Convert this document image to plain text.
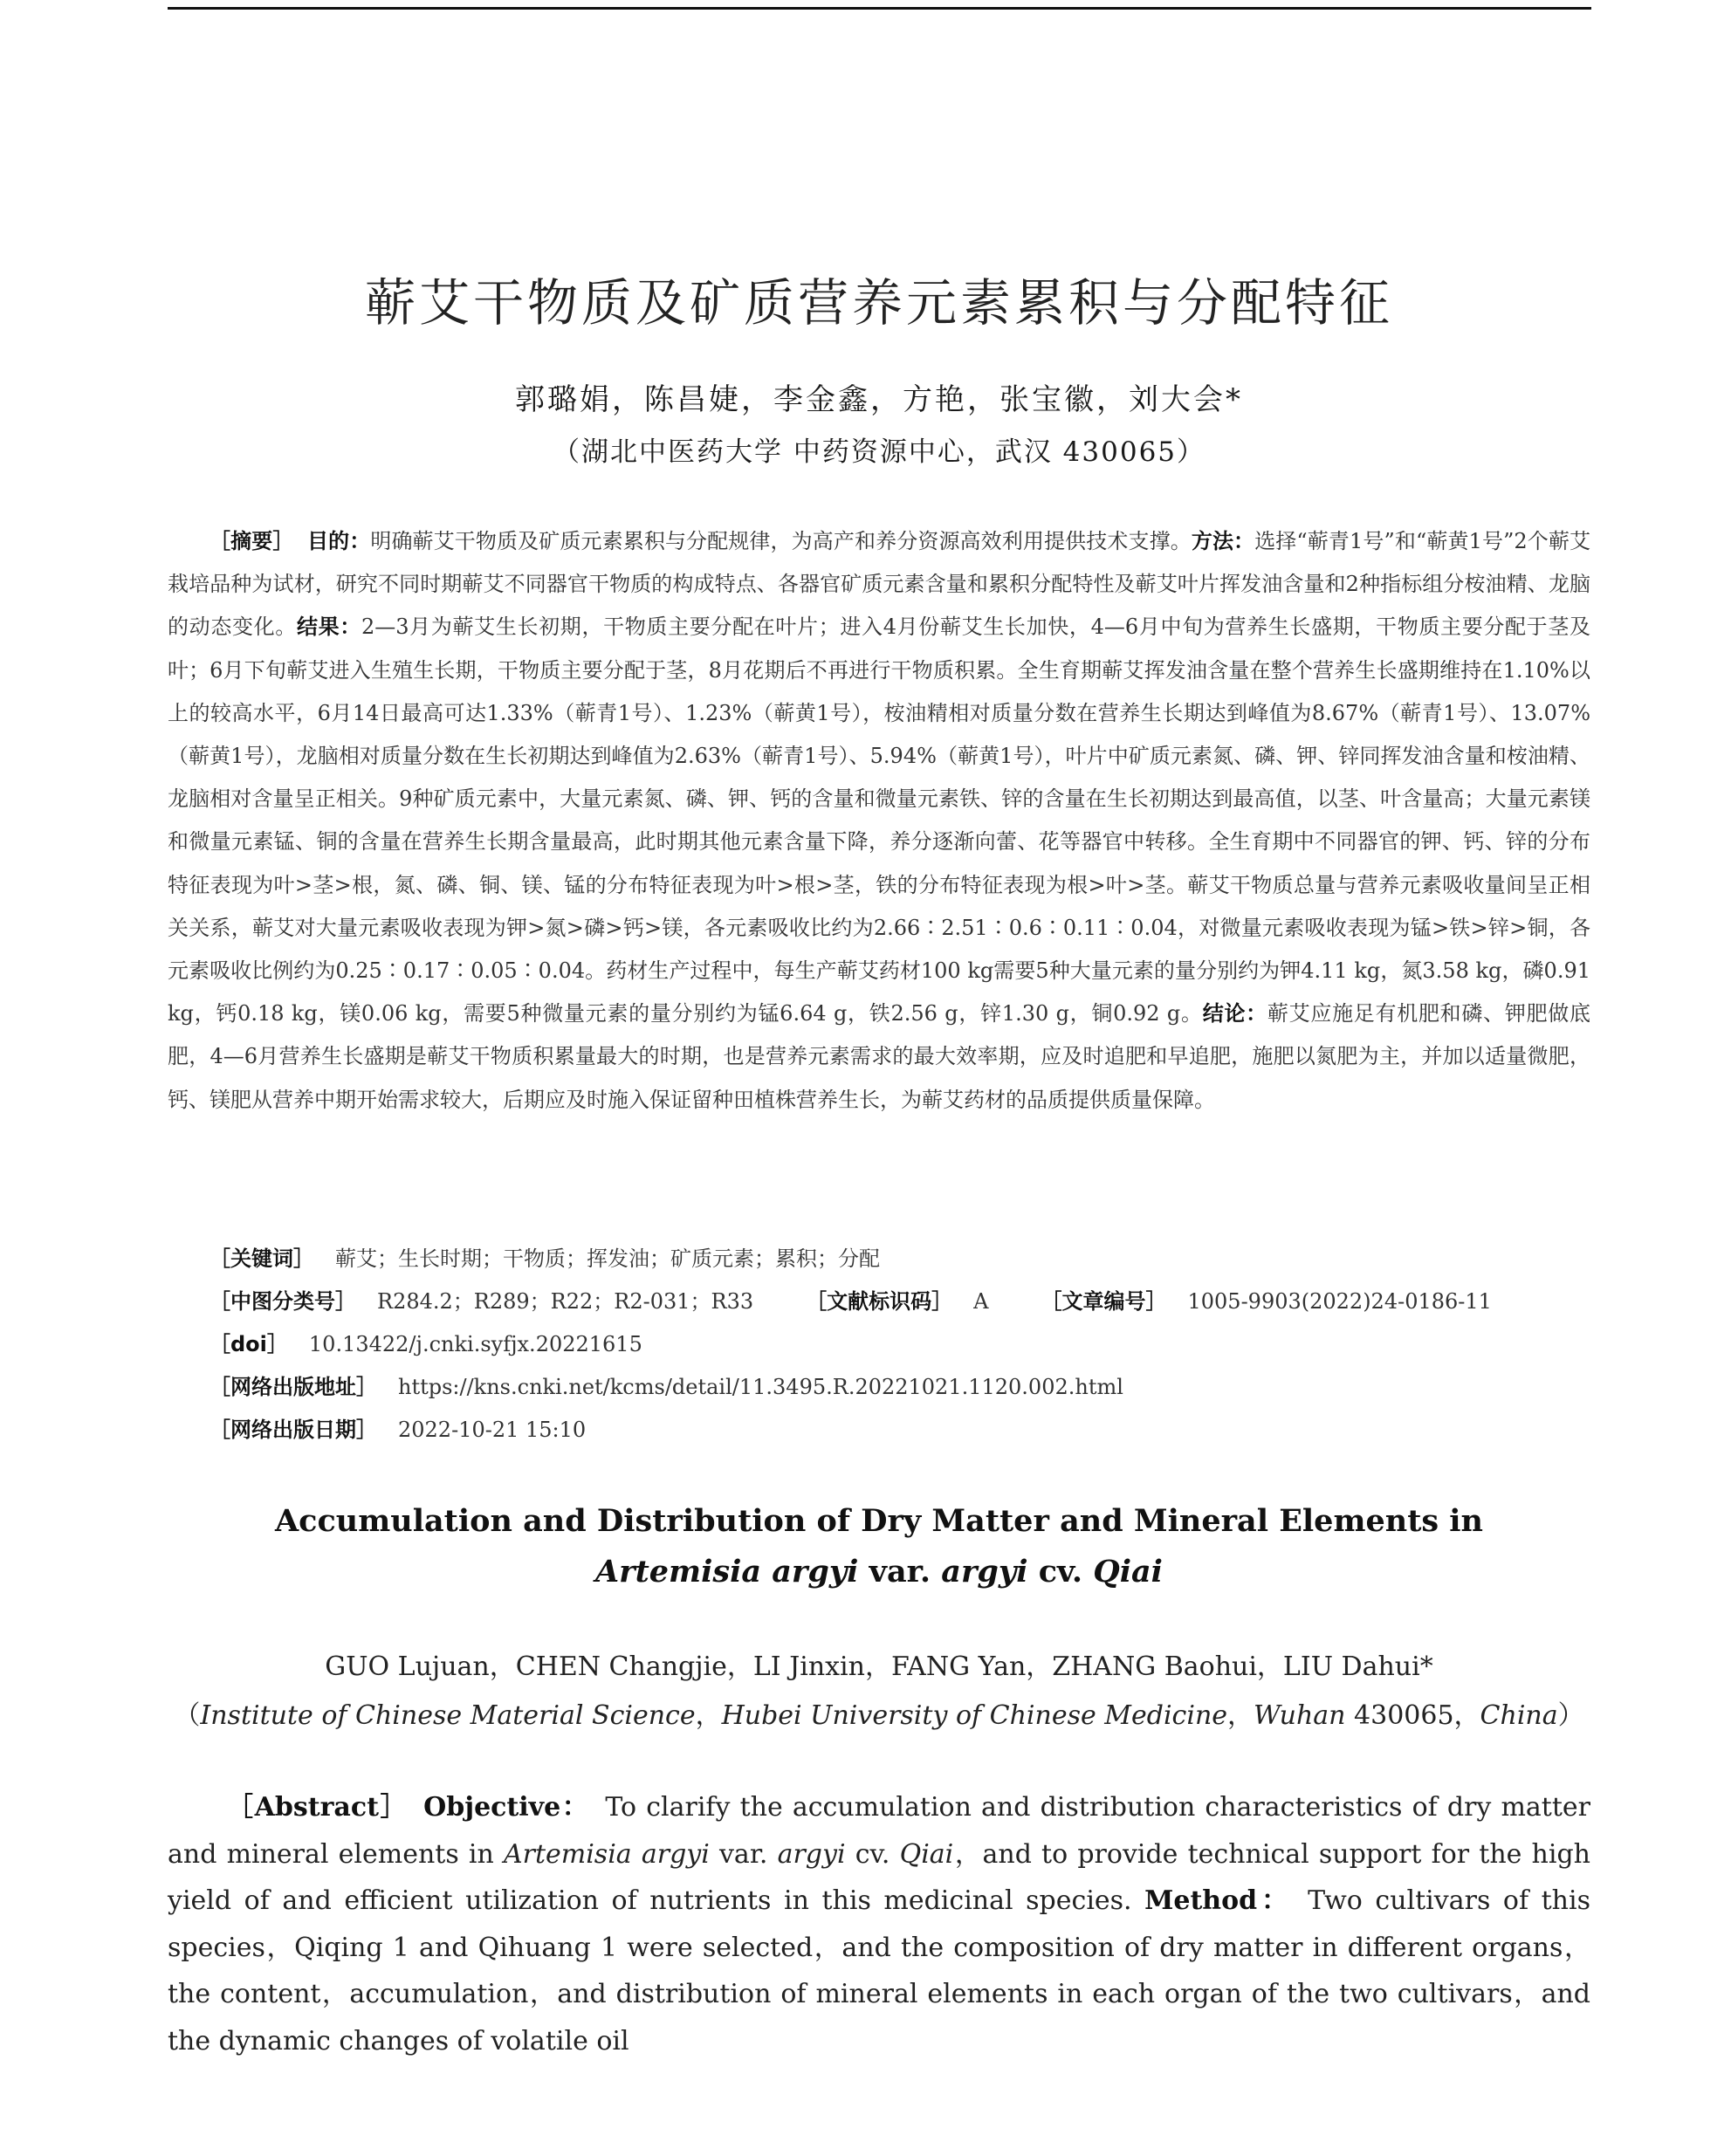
蕲艾干物质及矿质营养元素累积与分配特征
郭璐娟，陈昌婕，李金鑫，方艳，张宝徽，刘大会*
（湖北中医药大学 中药资源中心，武汉 430065）
［摘要］ 目的：明确蕲艾干物质及矿质元素累积与分配规律，为高产和养分资源高效利用提供技术支撑。方法：选择“蕲青1号”和“蕲黄1号”2个蕲艾栽培品种为试材，研究不同时期蕲艾不同器官干物质的构成特点、各器官矿质元素含量和累积分配特性及蕲艾叶片挥发油含量和2种指标组分桉油精、龙脑的动态变化。结果：2—3月为蕲艾生长初期，干物质主要分配在叶片；进入4月份蕲艾生长加快，4—6月中旬为营养生长盛期，干物质主要分配于茎及叶；6月下旬蕲艾进入生殖生长期，干物质主要分配于茎，8月花期后不再进行干物质积累。全生育期蕲艾挥发油含量在整个营养生长盛期维持在1.10%以上的较高水平，6月14日最高可达1.33%（蕲青1号）、1.23%（蕲黄1号），桉油精相对质量分数在营养生长期达到峰值为8.67%（蕲青1号）、13.07%（蕲黄1号），龙脑相对质量分数在生长初期达到峰值为2.63%（蕲青1号）、5.94%（蕲黄1号），叶片中矿质元素氮、磷、钾、锌同挥发油含量和桉油精、龙脑相对含量呈正相关。9种矿质元素中，大量元素氮、磷、钾、钙的含量和微量元素铁、锌的含量在生长初期达到最高值，以茎、叶含量高；大量元素镁和微量元素锰、铜的含量在营养生长期含量最高，此时期其他元素含量下降，养分逐渐向蕾、花等器官中转移。全生育期中不同器官的钾、钙、锌的分布特征表现为叶>茎>根，氮、磷、铜、镁、锰的分布特征表现为叶>根>茎，铁的分布特征表现为根>叶>茎。蕲艾干物质总量与营养元素吸收量间呈正相关关系，蕲艾对大量元素吸收表现为钾>氮>磷>钙>镁，各元素吸收比约为2.66∶2.51∶0.6∶0.11∶0.04，对微量元素吸收表现为锰>铁>锌>铜，各元素吸收比例约为0.25∶0.17∶0.05∶0.04。药材生产过程中，每生产蕲艾药材100 kg需要5种大量元素的量分别约为钾4.11 kg，氮3.58 kg，磷0.91 kg，钙0.18 kg，镁0.06 kg，需要5种微量元素的量分别约为锰6.64 g，铁2.56 g，锌1.30 g，铜0.92 g。结论：蕲艾应施足有机肥和磷、钾肥做底肥，4—6月营养生长盛期是蕲艾干物质积累量最大的时期，也是营养元素需求的最大效率期，应及时追肥和早追肥，施肥以氮肥为主，并加以适量微肥，钙、镁肥从营养中期开始需求较大，后期应及时施入保证留种田植株营养生长，为蕲艾药材的品质提供质量保障。
［关键词］ 蕲艾；生长时期；干物质；挥发油；矿质元素；累积；分配
［中图分类号］ R284.2；R289；R22；R2-031；R33	［文献标识码］ A	［文章编号］ 1005-9903(2022)24-0186-11
［doi］ 10.13422/j.cnki.syfjx.20221615
［网络出版地址］ https://kns.cnki.net/kcms/detail/11.3495.R.20221021.1120.002.html
［网络出版日期］ 2022-10-21 15:10
Accumulation and Distribution of Dry Matter and Mineral Elements in
Artemisia argyi var. argyi cv. Qiai
GUO Lujuan，CHEN Changjie，LI Jinxin，FANG Yan，ZHANG Baohui，LIU Dahui*
（Institute of Chinese Material Science，Hubei University of Chinese Medicine，Wuhan 430065，China）
［Abstract］ Objective： To clarify the accumulation and distribution characteristics of dry matter and mineral elements in Artemisia argyi var. argyi cv. Qiai，and to provide technical support for the high yield of and efficient utilization of nutrients in this medicinal species. Method： Two cultivars of this species，Qiqing 1 and Qihuang 1 were selected，and the composition of dry matter in different organs，the content，accumulation，and distribution of mineral elements in each organ of the two cultivars，and the dynamic changes of volatile oil
